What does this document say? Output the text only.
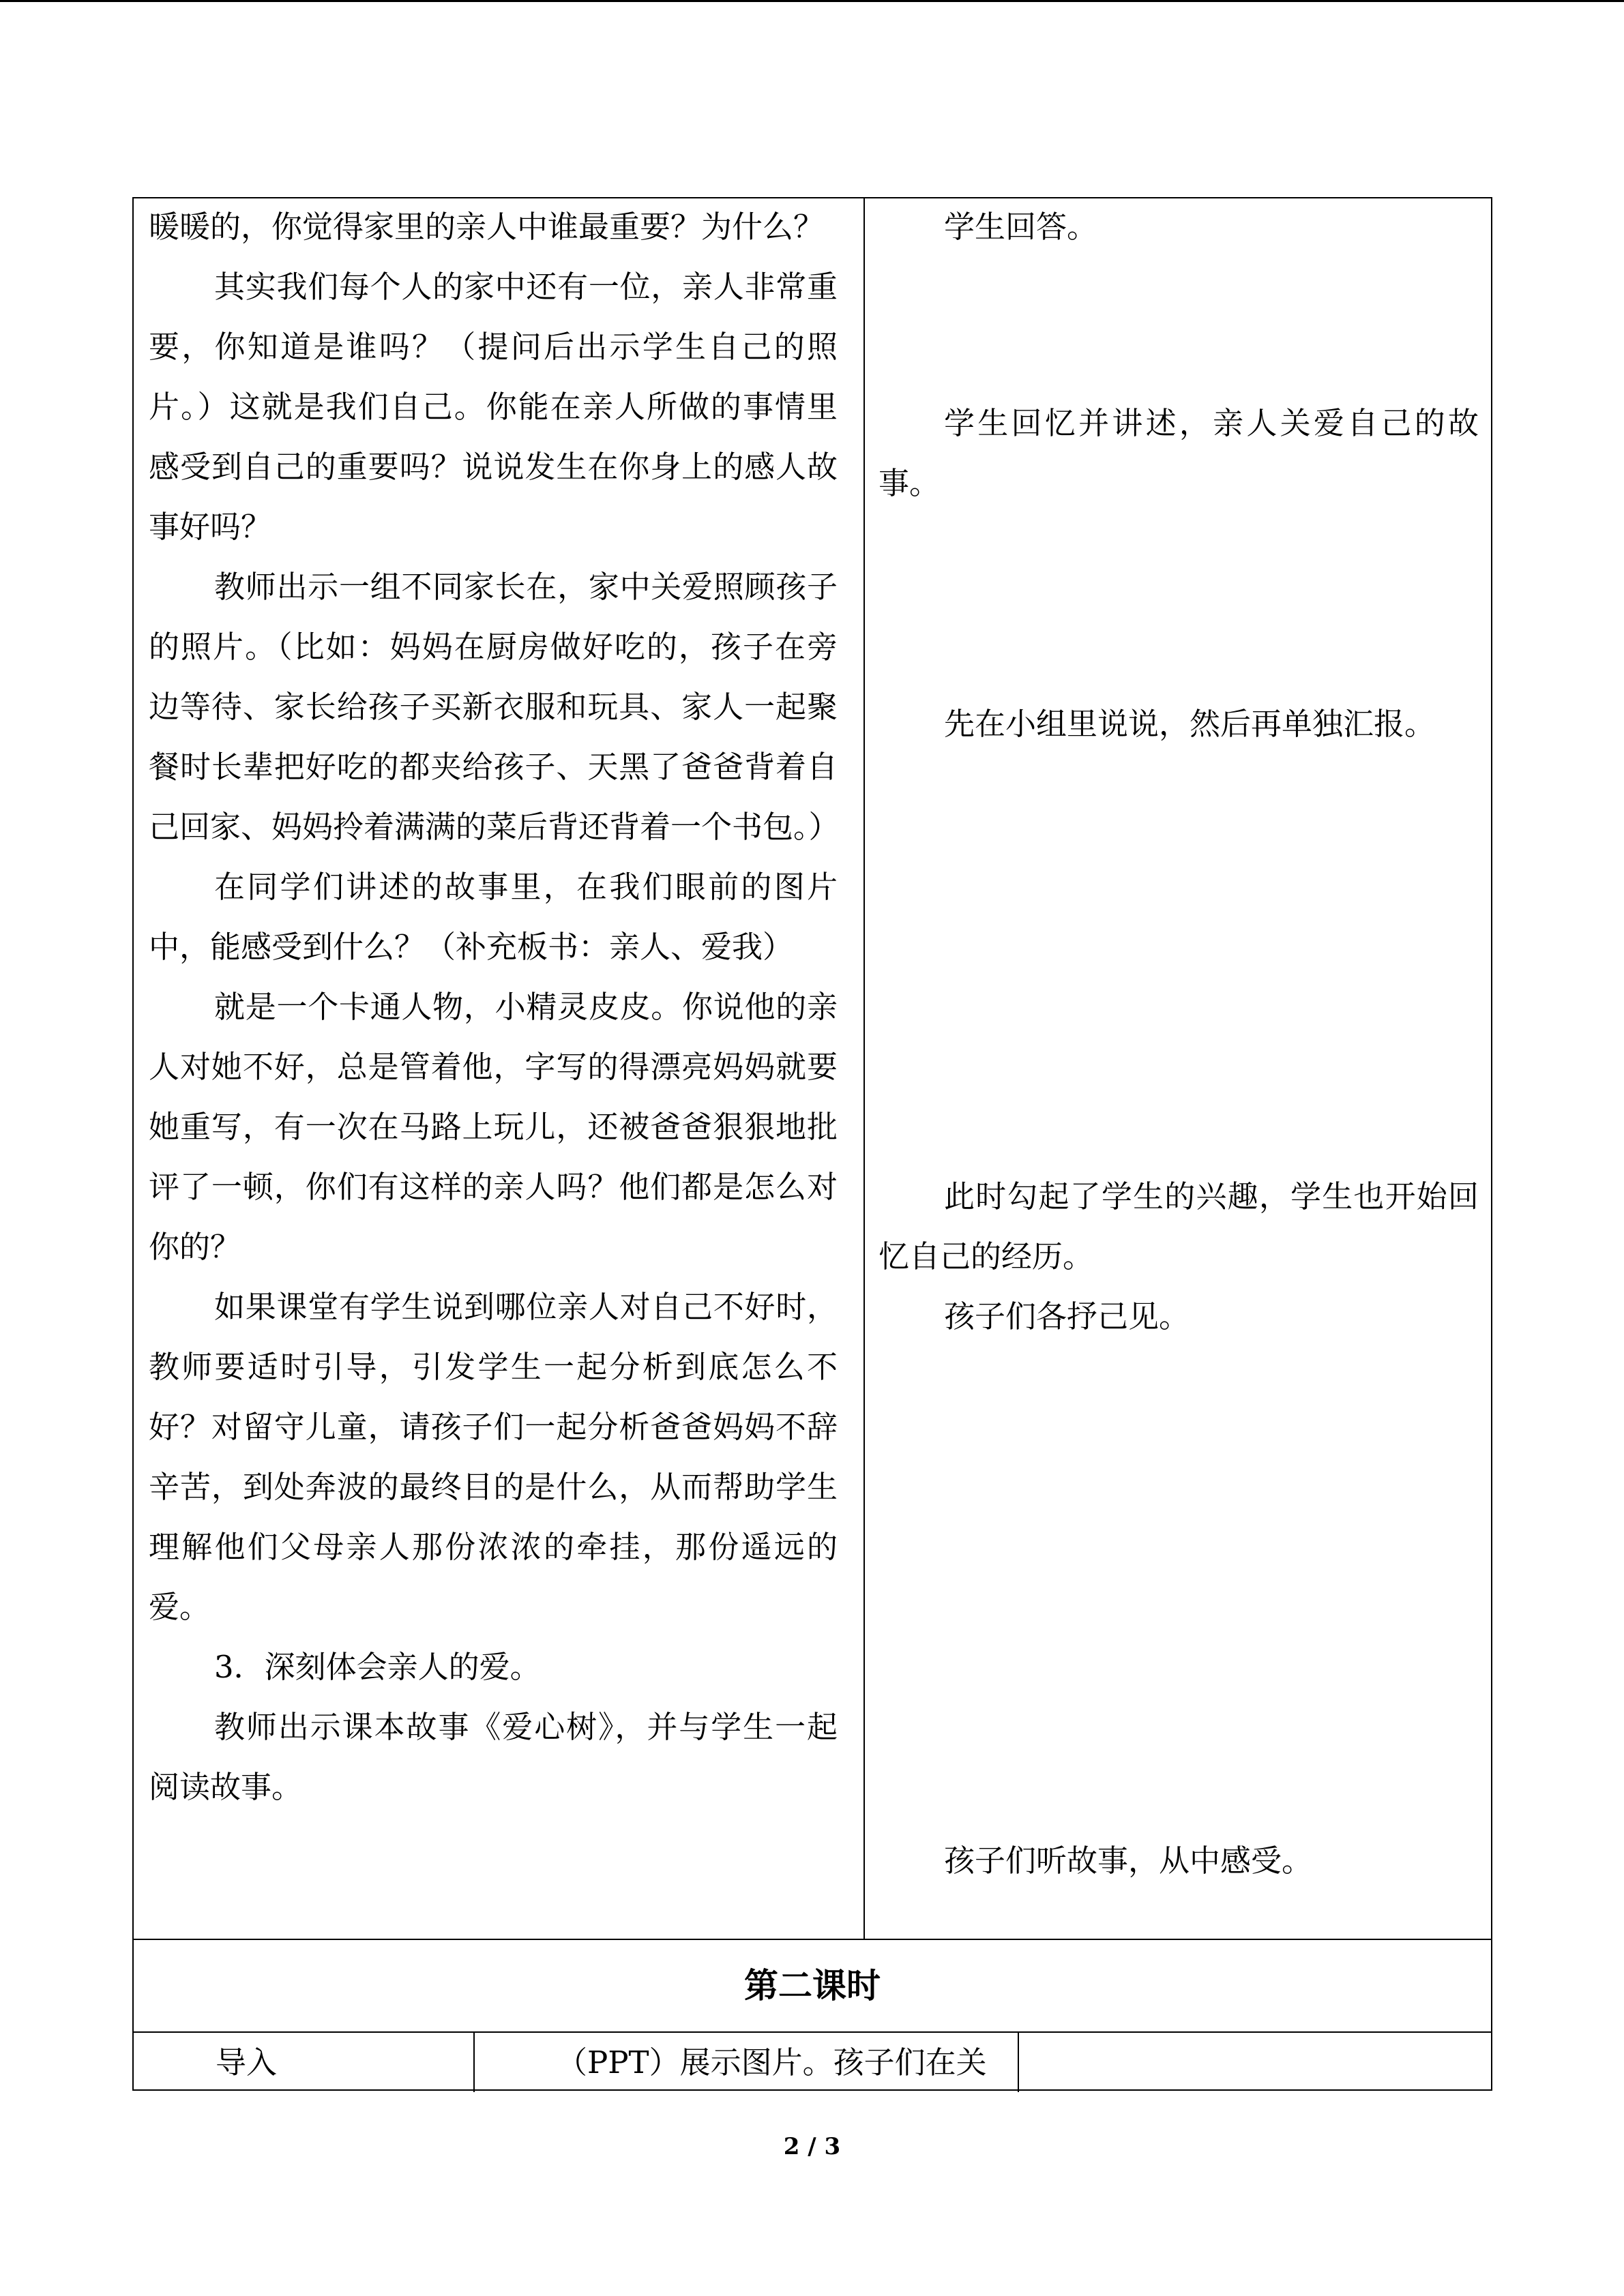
暖暖的，你觉得家里的亲人中谁最重要？为什么？

其实我们每个人的家中还有一位，亲人非常重要，你知道是谁吗？（提问后出示学生自己的照片。）这就是我们自己。你能在亲人所做的事情里感受到自己的重要吗？说说发生在你身上的感人故事好吗？

教师出示一组不同家长在，家中关爱照顾孩子的照片。（比如：妈妈在厨房做好吃的，孩子在旁边等待、家长给孩子买新衣服和玩具、家人一起聚餐时长辈把好吃的都夹给孩子、天黑了爸爸背着自己回家、妈妈拎着满满的菜后背还背着一个书包。）

在同学们讲述的故事里，在我们眼前的图片中，能感受到什么？（补充板书：亲人、爱我）

就是一个卡通人物，小精灵皮皮。你说他的亲人对她不好，总是管着他，字写的得漂亮妈妈就要她重写，有一次在马路上玩儿，还被爸爸狠狠地批评了一顿，你们有这样的亲人吗？他们都是怎么对你的？

如果课堂有学生说到哪位亲人对自己不好时，教师要适时引导，引发学生一起分析到底怎么不好？对留守儿童，请孩子们一起分析爸爸妈妈不辞辛苦，到处奔波的最终目的是什么，从而帮助学生理解他们父母亲人那份浓浓的牵挂，那份遥远的爱。

3．深刻体会亲人的爱。

教师出示课本故事《爱心树》，并与学生一起阅读故事。

学生回答。

学生回忆并讲述，亲人关爱自己的故事。

先在小组里说说，然后再单独汇报。

此时勾起了学生的兴趣，学生也开始回忆自己的经历。

孩子们各抒己见。

孩子们听故事，从中感受。

第二课时
导入	（PPT）展示图片。孩子们在关
2 / 3
